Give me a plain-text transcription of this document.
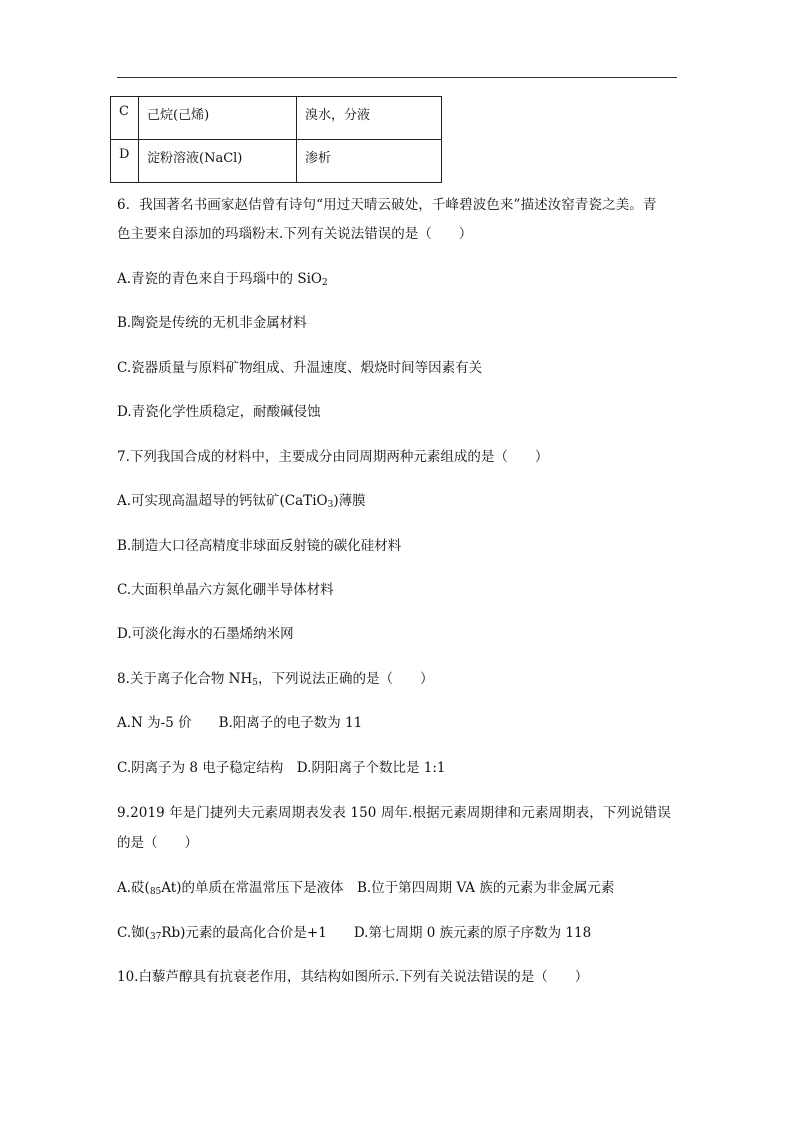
C	己烷(己烯)	溴水，分液
D	淀粉溶液(NaCl)	渗析
6．我国著名书画家赵佶曾有诗句“用过天晴云破处，千峰碧波色来”描述汝窑青瓷之美。青
色主要来自添加的玛瑙粉末.下列有关说法错误的是（　　）
A.青瓷的青色来自于玛瑙中的 SiO$_2$
B.陶瓷是传统的无机非金属材料
C.瓷器质量与原料矿物组成、升温速度、煅烧时间等因素有关
D.青瓷化学性质稳定，耐酸碱侵蚀
7.下列我国合成的材料中，主要成分由同周期两种元素组成的是（　　）
A.可实现高温超导的钙钛矿(CaTiO$_3$)薄膜
B.制造大口径高精度非球面反射镜的碳化硅材料
C.大面积单晶六方氮化硼半导体材料
D.可淡化海水的石墨烯纳米网
8.关于离子化合物 $NH_5$，下列说法正确的是（　　）
A.N 为-5 价　　B.阳离子的电子数为 11
C.阴离子为 8 电子稳定结构　D.阴阳离子个数比是 1:1
9.2019 年是门捷列夫元素周期表发表 150 周年.根据元素周期律和元素周期表，下列说错误
的是（　　）
A.砹$(_{85}At)$的单质在常温常压下是液体　B.位于第四周期 VA 族的元素为非金属元素
C.铷$(_{37}Rb)$元素的最高化合价是+1　　D.第七周期 0 族元素的原子序数为 118
10.白藜芦醇具有抗衰老作用，其结构如图所示.下列有关说法错误的是（　　）
